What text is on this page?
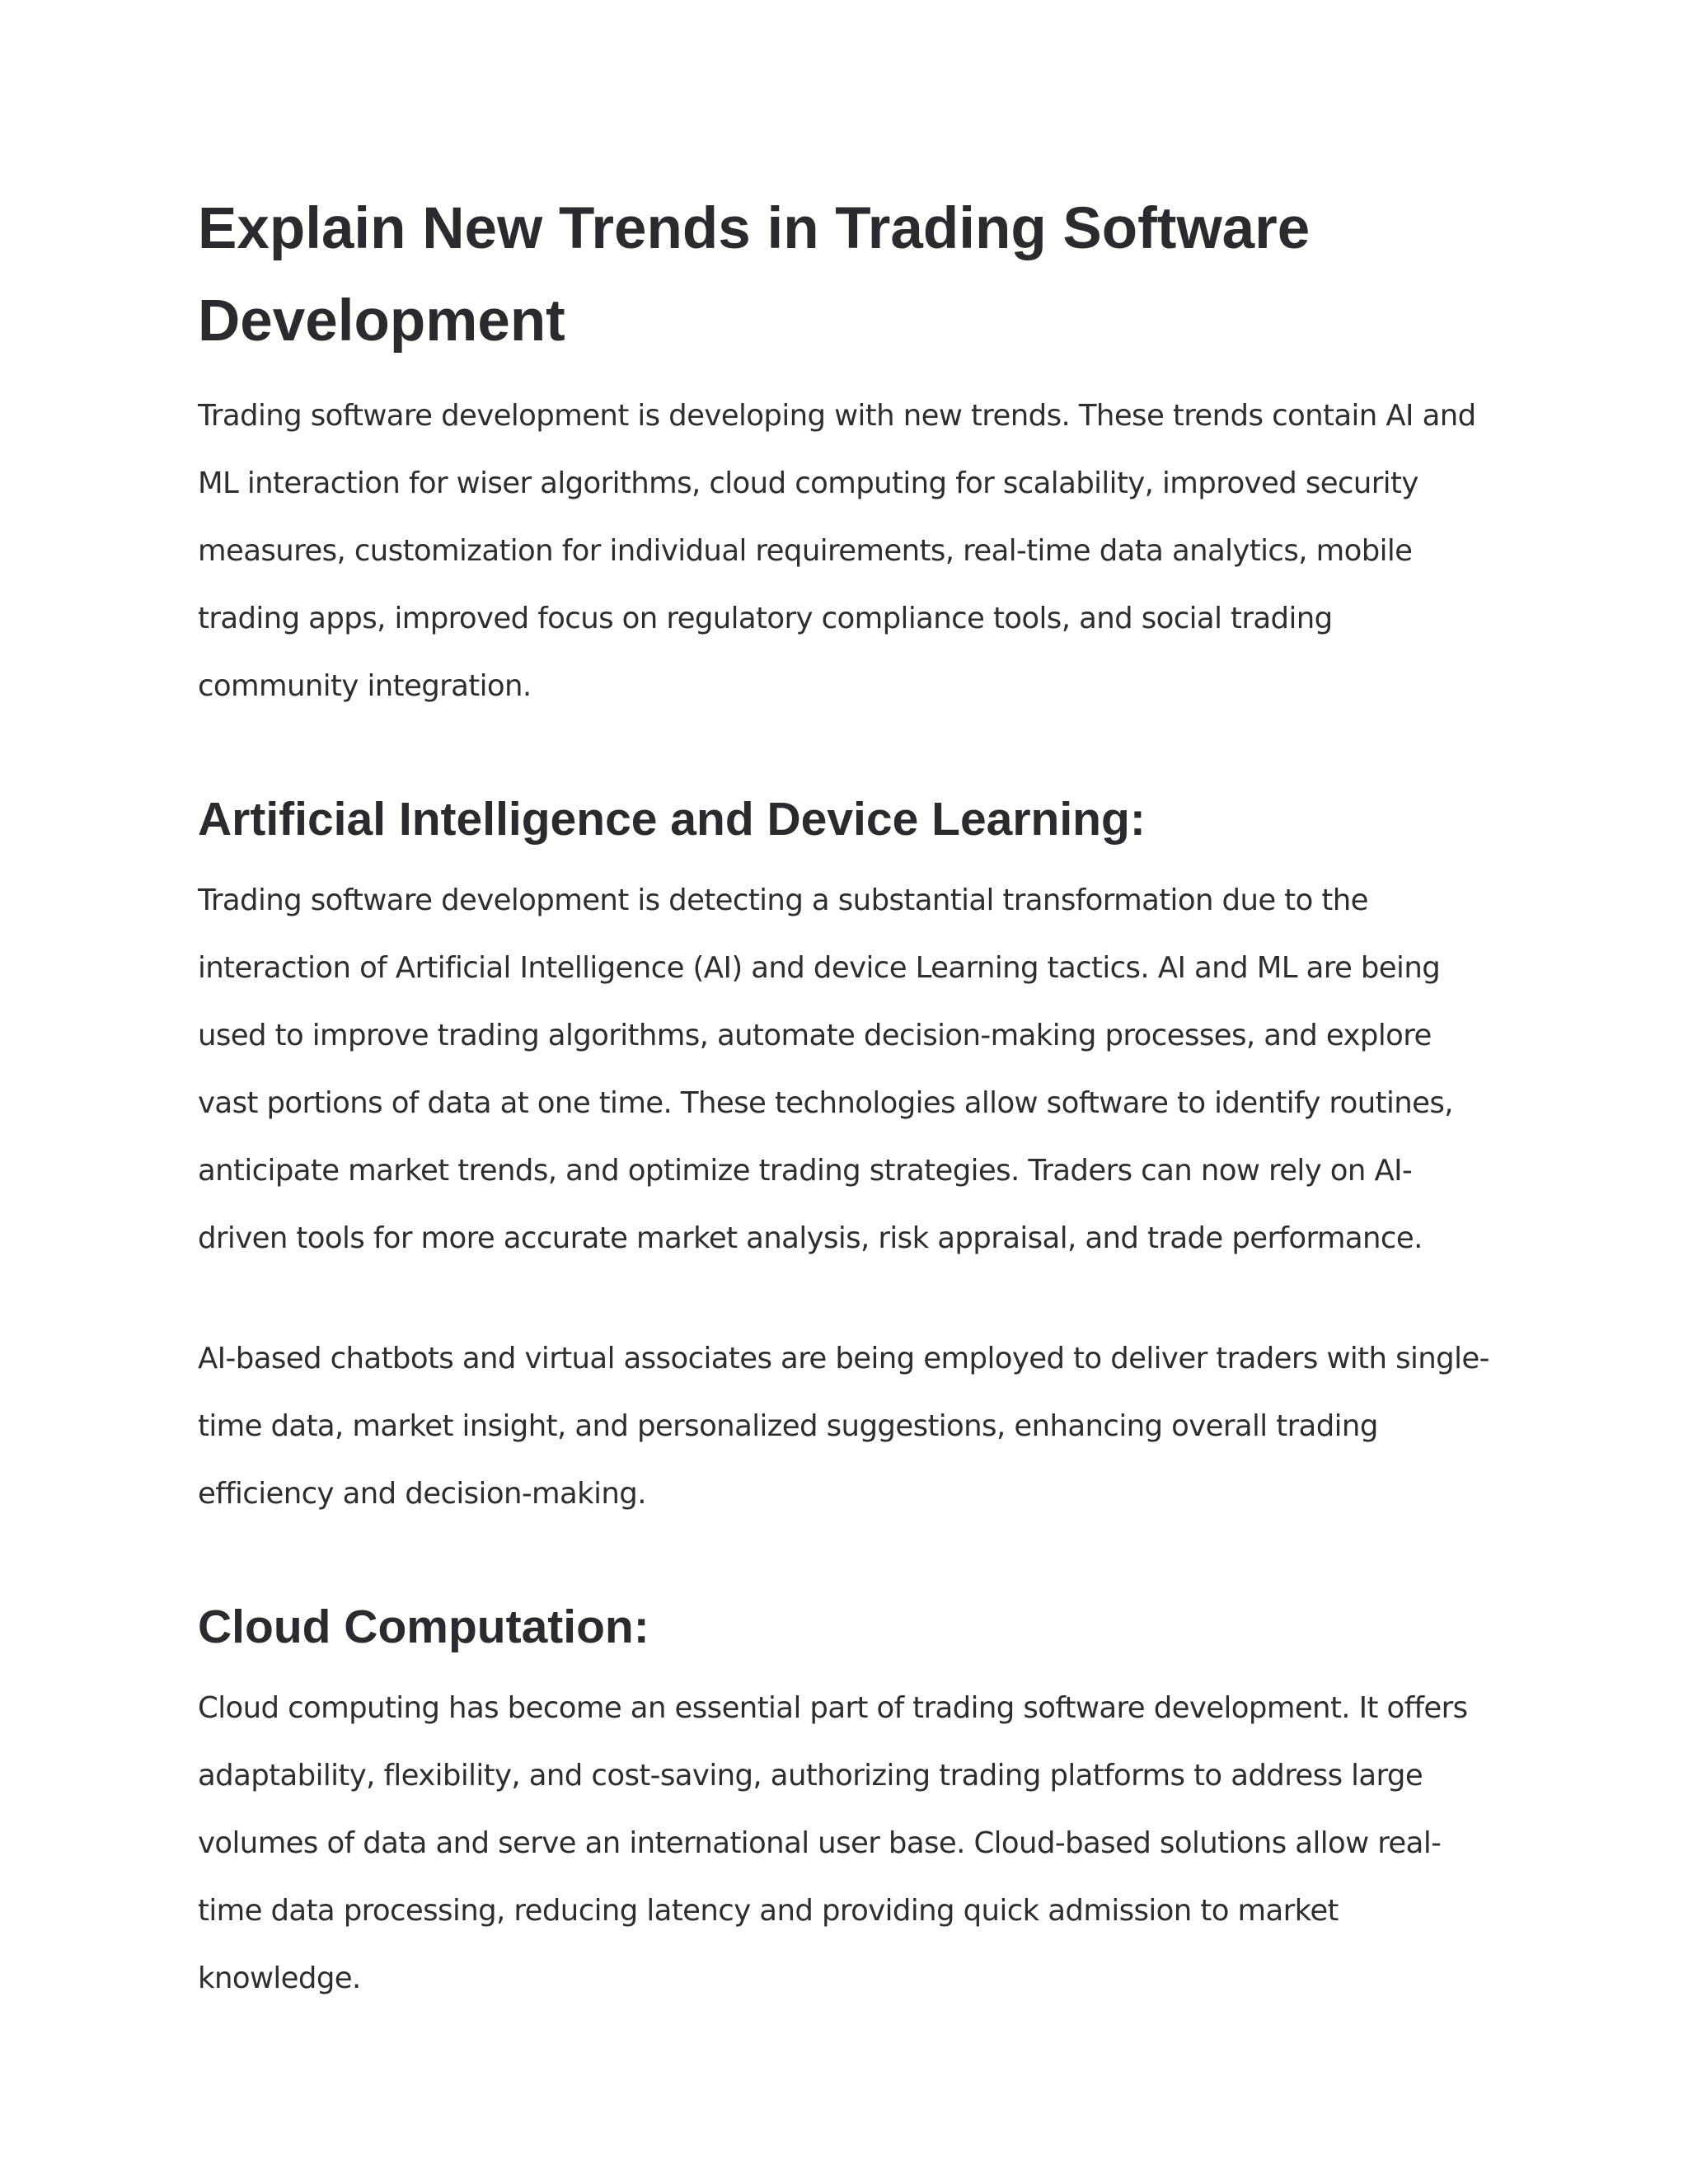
Explain New Trends in Trading Software Development

Trading software development is developing with new trends. These trends contain AI and ML interaction for wiser algorithms, cloud computing for scalability, improved security measures, customization for individual requirements, real-time data analytics, mobile trading apps, improved focus on regulatory compliance tools, and social trading community integration.

Artificial Intelligence and Device Learning:

Trading software development is detecting a substantial transformation due to the interaction of Artificial Intelligence (AI) and device Learning tactics. AI and ML are being used to improve trading algorithms, automate decision-making processes, and explore vast portions of data at one time. These technologies allow software to identify routines, anticipate market trends, and optimize trading strategies. Traders can now rely on AI-driven tools for more accurate market analysis, risk appraisal, and trade performance.

AI-based chatbots and virtual associates are being employed to deliver traders with single-time data, market insight, and personalized suggestions, enhancing overall trading efficiency and decision-making.

Cloud Computation:

Cloud computing has become an essential part of trading software development. It offers adaptability, flexibility, and cost-saving, authorizing trading platforms to address large volumes of data and serve an international user base. Cloud-based solutions allow real-time data processing, reducing latency and providing quick admission to market knowledge.
